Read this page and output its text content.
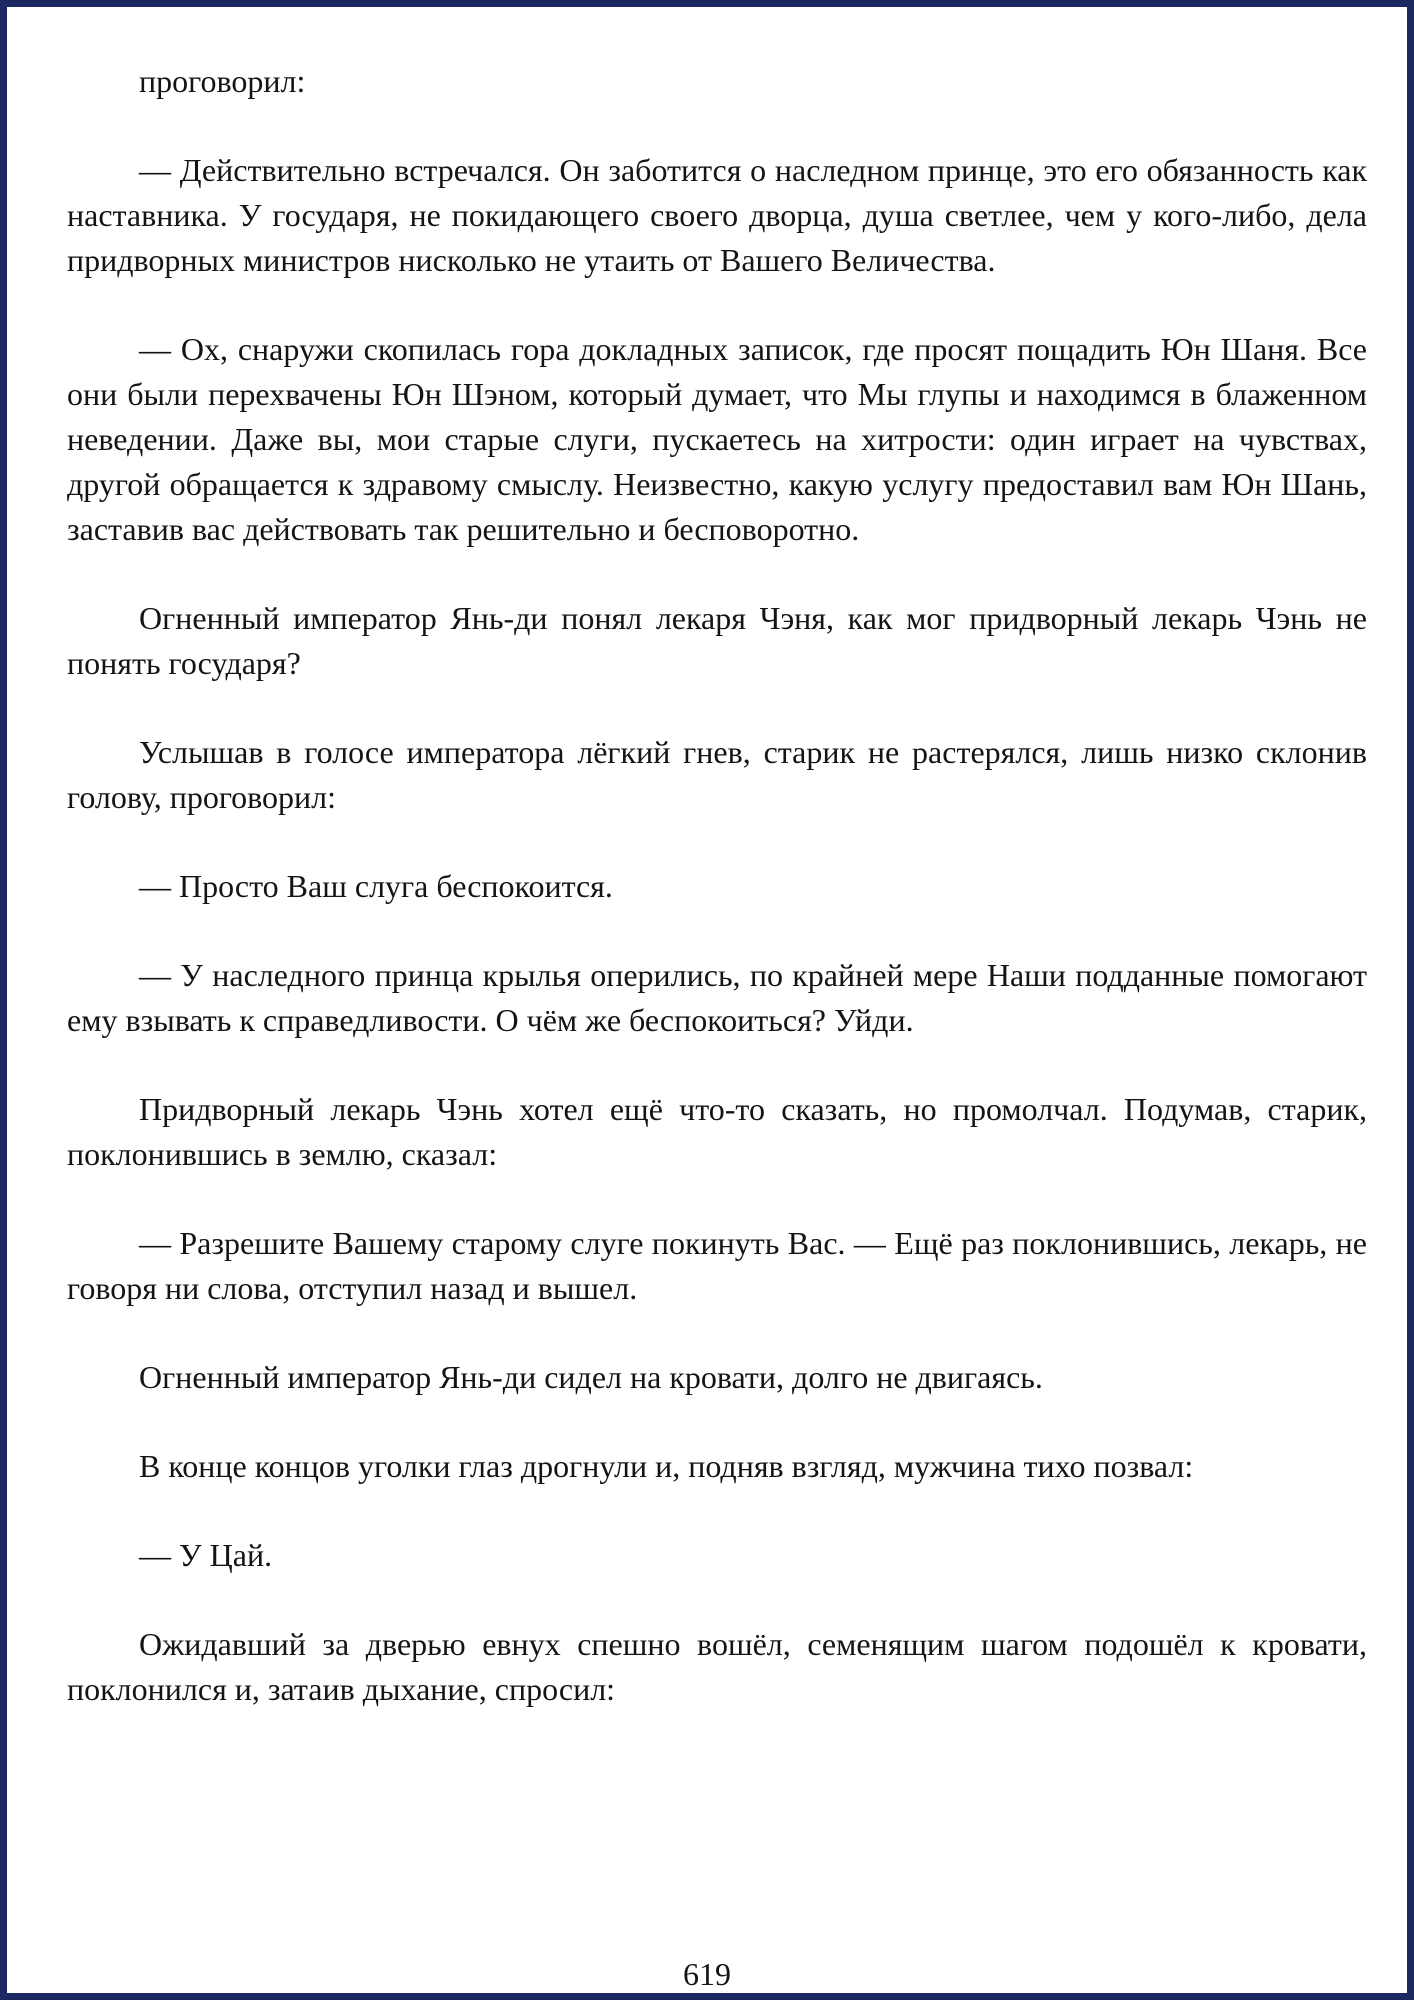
проговорил:

— Действительно встречался. Он заботится о наследном принце, это его обязанность как наставника. У государя, не покидающего своего дворца, душа светлее, чем у кого-либо, дела придворных министров нисколько не утаить от Вашего Величества.

— Ох, снаружи скопилась гора докладных записок, где просят пощадить Юн Шаня. Все они были перехвачены Юн Шэном, который думает, что Мы глупы и находимся в блаженном неведении. Даже вы, мои старые слуги, пускаетесь на хитрости: один играет на чувствах, другой обращается к здравому смыслу. Неизвестно, какую услугу предоставил вам Юн Шань, заставив вас действовать так решительно и бесповоротно.

Огненный император Янь-ди понял лекаря Чэня, как мог придворный лекарь Чэнь не понять государя?

Услышав в голосе императора лёгкий гнев, старик не растерялся, лишь низко склонив голову, проговорил:

— Просто Ваш слуга беспокоится.

— У наследного принца крылья оперились, по крайней мере Наши подданные помогают ему взывать к справедливости. О чём же беспокоиться? Уйди.

Придворный лекарь Чэнь хотел ещё что-то сказать, но промолчал. Подумав, старик, поклонившись в землю, сказал:

— Разрешите Вашему старому слуге покинуть Вас. — Ещё раз поклонившись, лекарь, не говоря ни слова, отступил назад и вышел.

Огненный император Янь-ди сидел на кровати, долго не двигаясь.

В конце концов уголки глаз дрогнули и, подняв взгляд, мужчина тихо позвал:

— У Цай.

Ожидавший за дверью евнух спешно вошёл, семенящим шагом подошёл к кровати, поклонился и, затаив дыхание, спросил:

619
